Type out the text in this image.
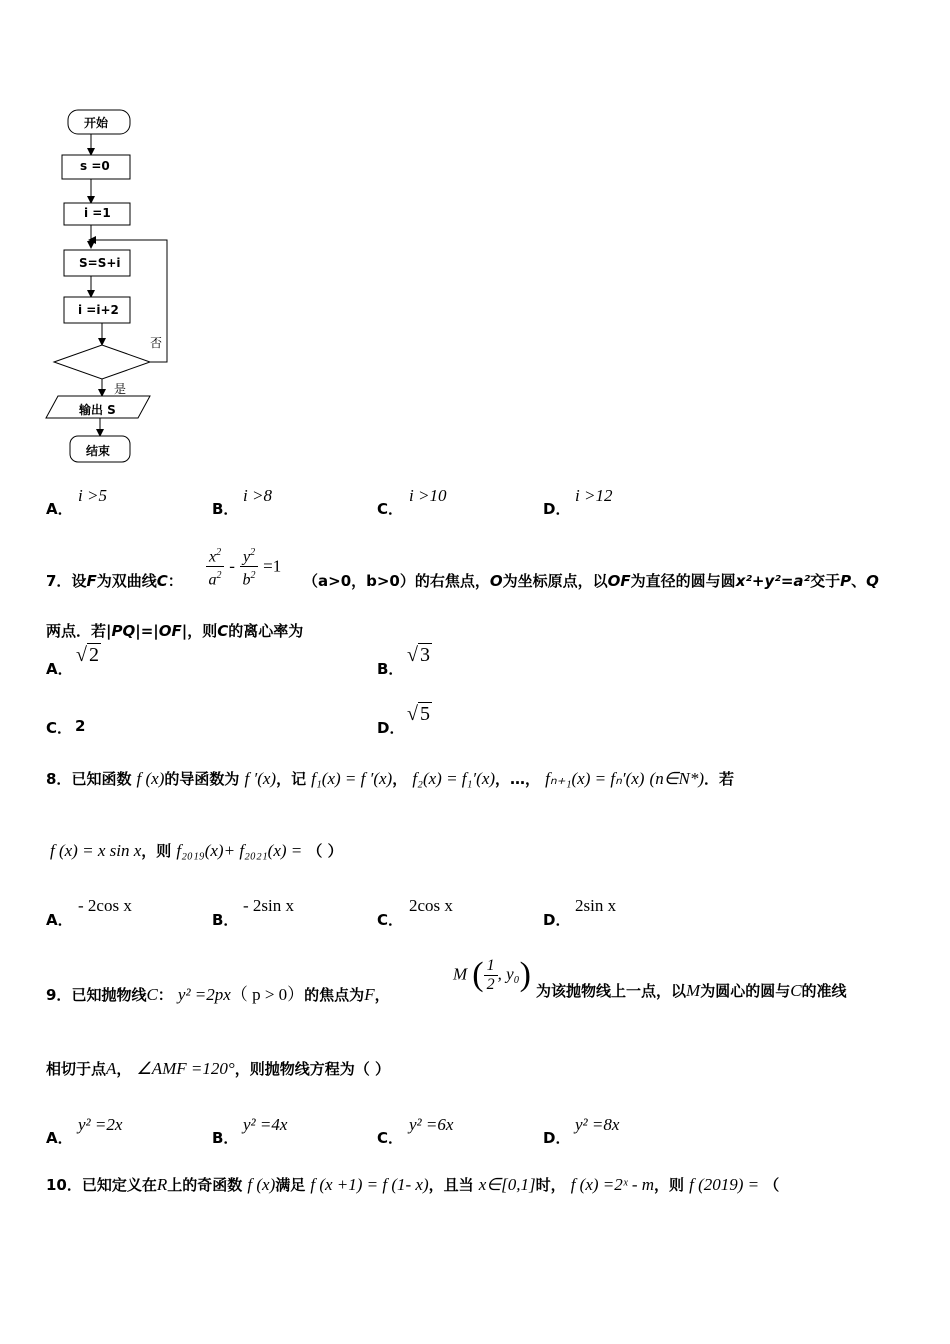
开始
s =0
i =1
S=S+i
i =i+2
否
是
输出 S
结束
A．
i >5
B．
i >8
C．
i >10
D．
i >12
7．设F为双曲线C： $\frac{x^2}{a^2} - \frac{y^2}{b^2} =1$
（a>0，b>0）的右焦点，O为坐标原点，以OF为直径的圆与圆x²+y²=a²交于P、Q
两点．若|PQ|=|OF|，则C的离心率为
A．
√ 2
B．
√ 3
C． 2	D．
√ 5
8．已知函数 f (x)的导函数为 f ′(x)，记 f₁(x) = f ′(x)， f₂(x) = f₁′(x)，…， fₙ₊₁(x) = fₙ′(x) (n∈N*)．若
f (x) = x sin x，则 f₂₀₁₉(x)+ f₂₀₂₁(x) = （ ）
A．
- 2cos x
B．
- 2sin x
C．
2cos x
D．
2sin x
9．已知抛物线C： y² =2px（ p > 0）的焦点为F，
M ( $\frac{1}{2}$ , y₀) 为该抛物线上一点，以M为圆心的圆与C的准线
相切于点A， ∠AMF =120°，则抛物线方程为（ ）
A．
y² =2x
B．
y² =4x
C．
y² =6x
D．
y² =8x
10．已知定义在R上的奇函数 f (x)满足 f (x +1) = f (1- x)，且当 x∈[0,1]时， f (x) =2ˣ - m，则 f (2019) = （
